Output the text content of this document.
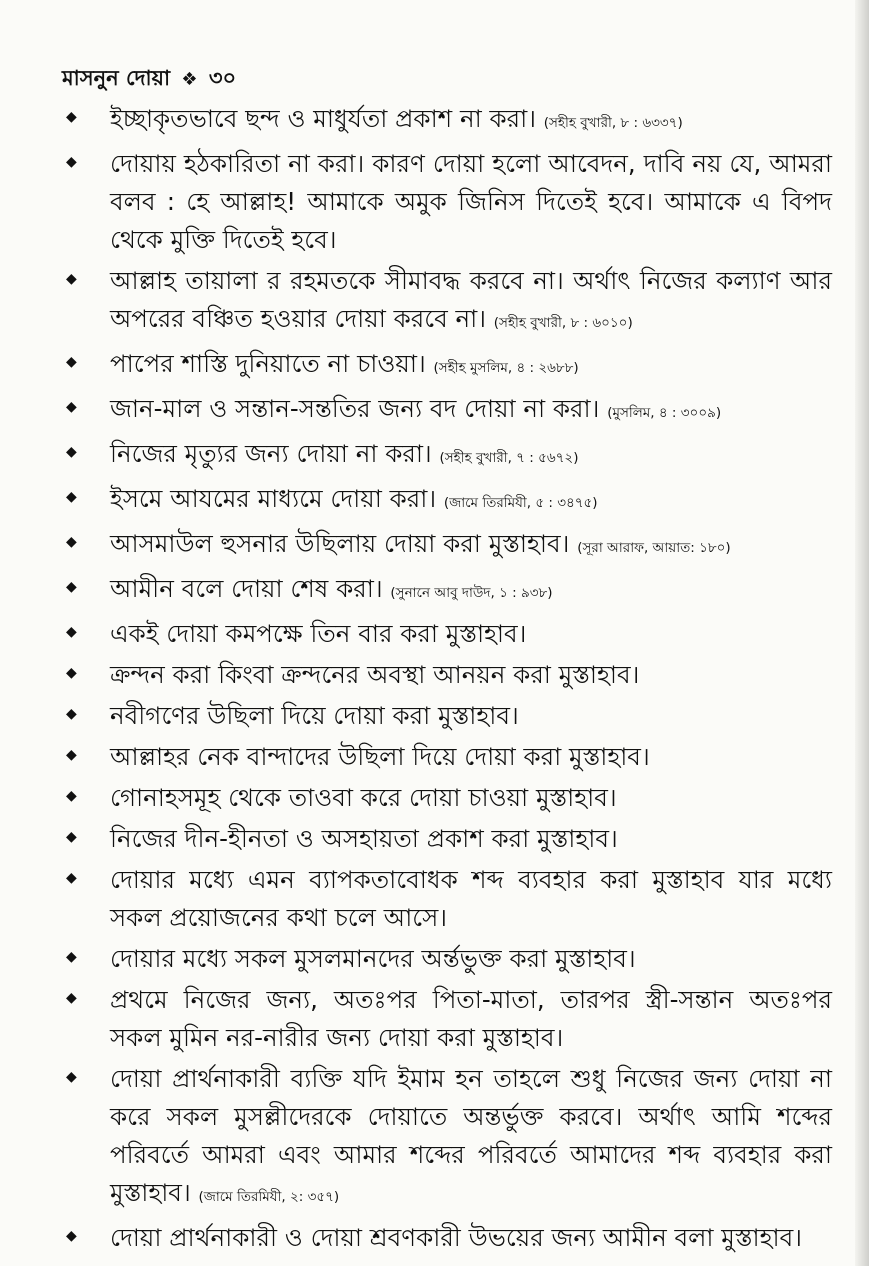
মাসনুন দোয়া ❖ ৩০
◆ ইচ্ছাকৃতভাবে ছন্দ ও মাধুর্যতা প্রকাশ না করা। (সহীহ বুখারী, ৮ : ৬৩৩৭)
◆ দোয়ায় হঠকারিতা না করা। কারণ দোয়া হলো আবেদন, দাবি নয় যে, আমরা বলব : হে আল্লাহ! আমাকে অমুক জিনিস দিতেই হবে। আমাকে এ বিপদ থেকে মুক্তি দিতেই হবে।
◆ আল্লাহ তায়ালা র রহমতকে সীমাবদ্ধ করবে না। অর্থাৎ নিজের কল্যাণ আর অপরের বঞ্চিত হওয়ার দোয়া করবে না। (সহীহ বুখারী, ৮ : ৬০১০)
◆ পাপের শাস্তি দুনিয়াতে না চাওয়া। (সহীহ মুসলিম, ৪ : ২৬৮৮)
◆ জান-মাল ও সন্তান-সন্ততির জন্য বদ দোয়া না করা। (মুসলিম, ৪ : ৩০০৯)
◆ নিজের মৃত্যুর জন্য দোয়া না করা। (সহীহ বুখারী, ৭ : ৫৬৭২)
◆ ইসমে আযমের মাধ্যমে দোয়া করা। (জামে তিরমিযী, ৫ : ৩৪৭৫)
◆ আসমাউল হুসনার উছিলায় দোয়া করা মুস্তাহাব। (সূরা আরাফ, আয়াত: ১৮০)
◆ আমীন বলে দোয়া শেষ করা। (সুনানে আবু দাউদ, ১ : ৯৩৮)
◆ একই দোয়া কমপক্ষে তিন বার করা মুস্তাহাব।
◆ ক্রন্দন করা কিংবা ক্রন্দনের অবস্থা আনয়ন করা মুস্তাহাব।
◆ নবীগণের উছিলা দিয়ে দোয়া করা মুস্তাহাব।
◆ আল্লাহর নেক বান্দাদের উছিলা দিয়ে দোয়া করা মুস্তাহাব।
◆ গোনাহসমূহ থেকে তাওবা করে দোয়া চাওয়া মুস্তাহাব।
◆ নিজের দীন-হীনতা ও অসহায়তা প্রকাশ করা মুস্তাহাব।
◆ দোয়ার মধ্যে এমন ব্যাপকতাবোধক শব্দ ব্যবহার করা মুস্তাহাব যার মধ্যে সকল প্রয়োজনের কথা চলে আসে।
◆ দোয়ার মধ্যে সকল মুসলমানদের অর্ন্তভুক্ত করা মুস্তাহাব।
◆ প্রথমে নিজের জন্য, অতঃপর পিতা-মাতা, তারপর স্ত্রী-সন্তান অতঃপর সকল মুমিন নর-নারীর জন্য দোয়া করা মুস্তাহাব।
◆ দোয়া প্রার্থনাকারী ব্যক্তি যদি ইমাম হন তাহলে শুধু নিজের জন্য দোয়া না করে সকল মুসল্লীদেরকে দোয়াতে অন্তর্ভুক্ত করবে। অর্থাৎ আমি শব্দের পরিবর্তে আমরা এবং আমার শব্দের পরিবর্তে আমাদের শব্দ ব্যবহার করা মুস্তাহাব। (জামে তিরমিযী, ২: ৩৫৭)
◆ দোয়া প্রার্থনাকারী ও দোয়া শ্রবণকারী উভয়ের জন্য আমীন বলা মুস্তাহাব।
